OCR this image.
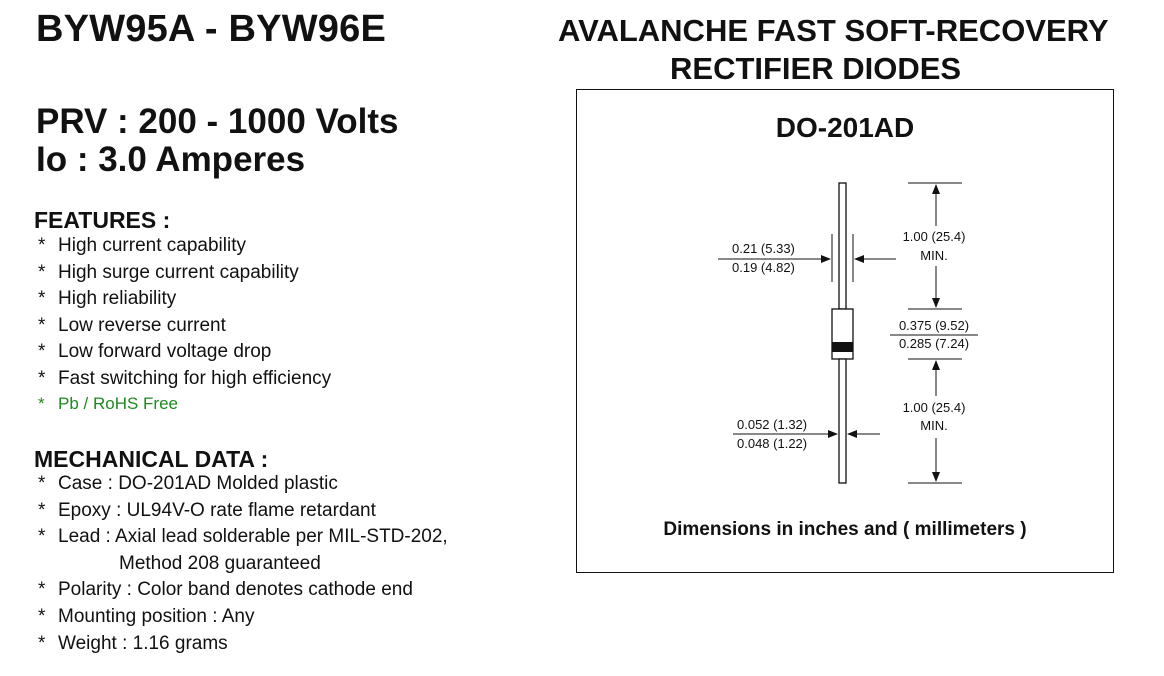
BYW95A - BYW96E	AVALANCHE FAST SOFT-RECOVERY
RECTIFIER DIODES
PRV : 200 - 1000 Volts
Io : 3.0 Amperes
FEATURES :
* High current capability
* High surge current capability
* High reliability
* Low reverse current
* Low forward voltage drop
* Fast switching for high efficiency
* Pb / RoHS Free
MECHANICAL DATA :
* Case : DO-201AD Molded plastic
* Epoxy : UL94V-O rate flame retardant
* Lead : Axial lead solderable per MIL-STD-202,
Method 208 guaranteed
* Polarity : Color band denotes cathode end
* Mounting position : Any
* Weight : 1.16 grams
DO-201AD
0.21 (5.33)
0.19 (4.82)
1.00 (25.4)
MIN.
0.375 (9.52)
0.285 (7.24)
1.00 (25.4)
MIN.
0.052 (1.32)
0.048 (1.22)

Dimensions in inches and ( millimeters )
